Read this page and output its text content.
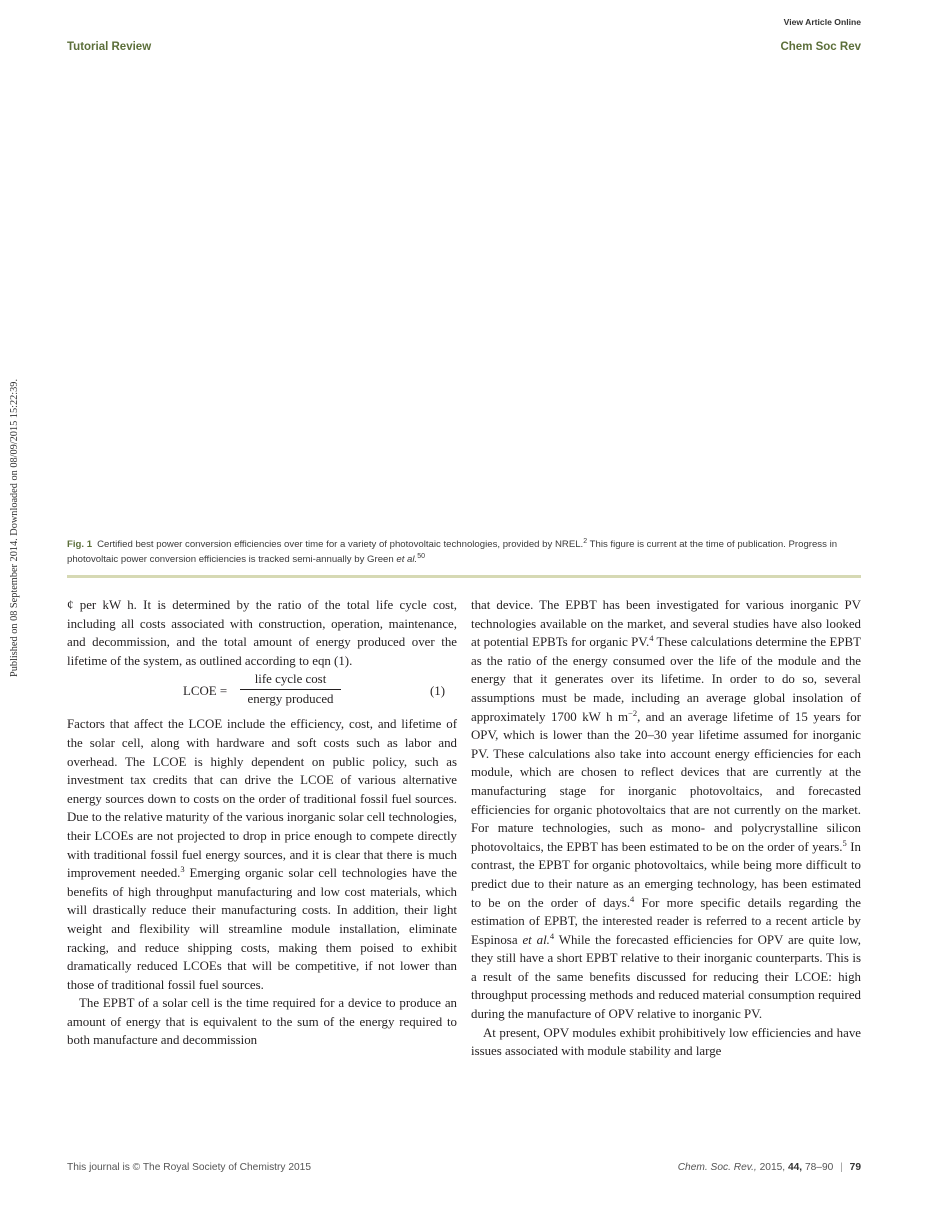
View Article Online
Tutorial Review	Chem Soc Rev
Published on 08 September 2014. Downloaded on 08/09/2015 15:22:39.	Fig. 1 Certified best power conversion efficiencies over time for a variety of photovoltaic technologies, provided by NREL.$^2$ This figure is current at the time of publication. Progress in photovoltaic power conversion efficiencies is tracked semi-annually by Green et al.$^{50}$

¢ per kW h. It is determined by the ratio of the total life cycle cost, including all costs associated with construction, operation, maintenance, and decommission, and the total amount of energy produced over the lifetime of the system, as outlined according to eqn (1).

LCOE =
life cycle cost
energy produced
(1)

Factors that affect the LCOE include the efficiency, cost, and lifetime of the solar cell, along with hardware and soft costs such as labor and overhead. The LCOE is highly dependent on public policy, such as investment tax credits that can drive the LCOE of various alternative energy sources down to costs on the order of traditional fossil fuel sources. Due to the relative maturity of the various inorganic solar cell technologies, their LCOEs are not projected to drop in price enough to compete directly with traditional fossil fuel energy sources, and it is clear that there is much improvement needed.$^3$ Emerging organic solar cell technologies have the benefits of high throughput manufacturing and low cost materials, which will drastically reduce their manufacturing costs. In addition, their light weight and flexibility will streamline module installation, eliminate racking, and reduce shipping costs, making them poised to exhibit dramatically reduced LCOEs that will be competitive, if not lower than those of traditional fossil fuel sources.

The EPBT of a solar cell is the time required for a device to produce an amount of energy that is equivalent to the sum of the energy required to both manufacture and decommission

that device. The EPBT has been investigated for various inorganic PV technologies available on the market, and several studies have also looked at potential EPBTs for organic PV.$^4$ These calculations determine the EPBT as the ratio of the energy consumed over the life of the module and the energy that it generates over its lifetime. In order to do so, several assumptions must be made, including an average global insolation of approximately 1700 kW h $m^{-2}$, and an average lifetime of 15 years for OPV, which is lower than the 20–30 year lifetime assumed for inorganic PV. These calculations also take into account energy efficiencies for each module, which are chosen to reflect devices that are currently at the manufacturing stage for inorganic photovoltaics, and forecasted efficiencies for organic photovoltaics that are not currently on the market. For mature technologies, such as mono- and polycrystalline silicon photovoltaics, the EPBT has been estimated to be on the order of years.$^5$ In contrast, the EPBT for organic photovoltaics, while being more difficult to predict due to their nature as an emerging technology, has been estimated to be on the order of days.$^4$ For more specific details regarding the estimation of EPBT, the interested reader is referred to a recent article by Espinosa et al.$^4$ While the forecasted efficiencies for OPV are quite low, they still have a short EPBT relative to their inorganic counterparts. This is a result of the same benefits discussed for reducing their LCOE: high throughput processing methods and reduced material consumption required during the manufacture of OPV relative to inorganic PV.

At present, OPV modules exhibit prohibitively low efficiencies and have issues associated with module stability and large

This journal is © The Royal Society of Chemistry 2015	Chem. Soc. Rev., 2015, 44, 78–90 | 79
